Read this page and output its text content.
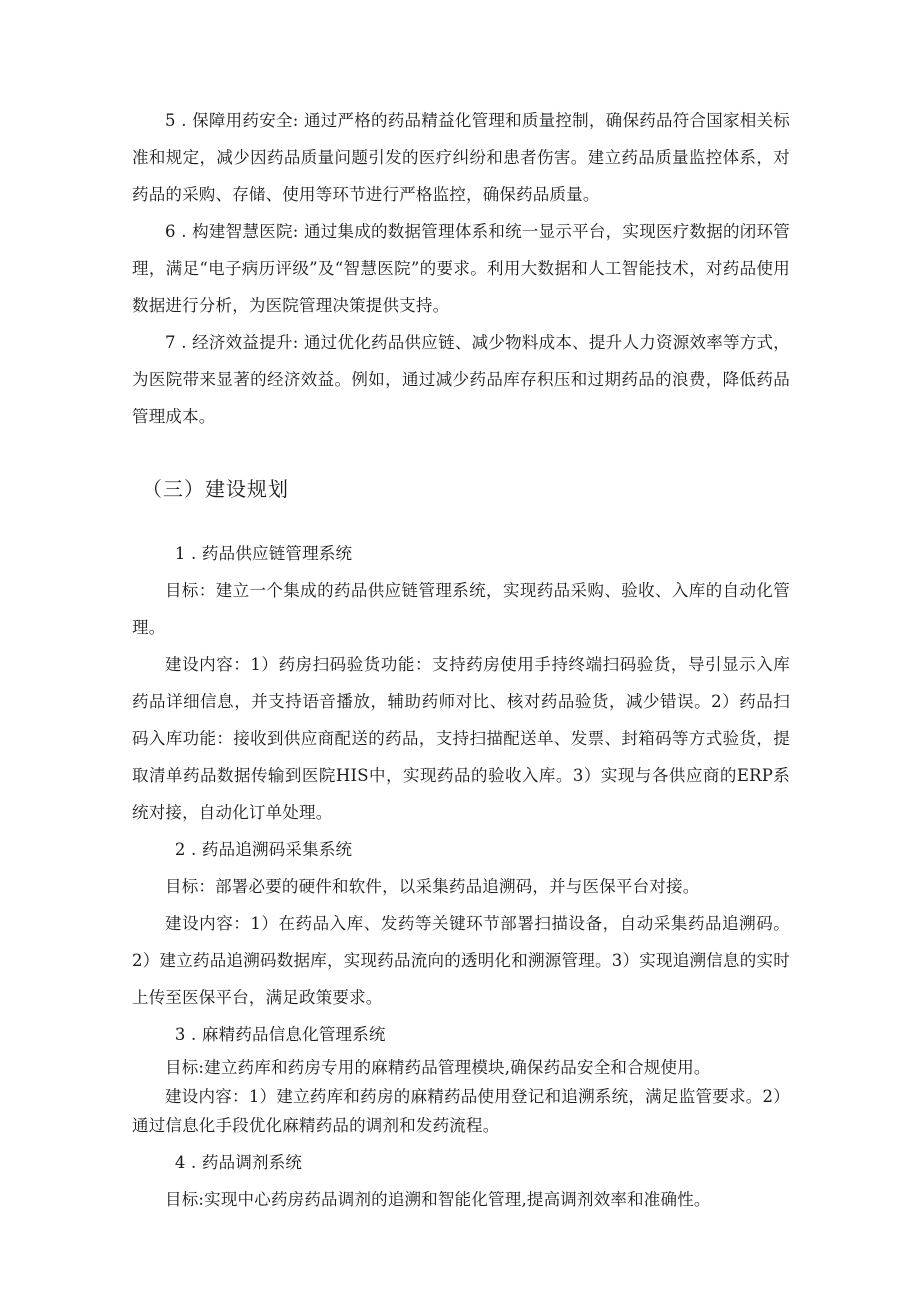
5 . 保障用药安全: 通过严格的药品精益化管理和质量控制，确保药品符合国家相关标准和规定，减少因药品质量问题引发的医疗纠纷和患者伤害。建立药品质量监控体系，对药品的采购、存储、使用等环节进行严格监控，确保药品质量。

6 . 构建智慧医院: 通过集成的数据管理体系和统一显示平台，实现医疗数据的闭环管理，满足“电子病历评级”及“智慧医院”的要求。利用大数据和人工智能技术，对药品使用数据进行分析，为医院管理决策提供支持。

7 . 经济效益提升: 通过优化药品供应链、减少物料成本、提升人力资源效率等方式，为医院带来显著的经济效益。例如，通过减少药品库存积压和过期药品的浪费，降低药品管理成本。

（三）建设规划

1 . 药品供应链管理系统

目标：建立一个集成的药品供应链管理系统，实现药品采购、验收、入库的自动化管理。

建设内容：1）药房扫码验货功能：支持药房使用手持终端扫码验货，导引显示入库药品详细信息，并支持语音播放，辅助药师对比、核对药品验货，减少错误。2）药品扫码入库功能：接收到供应商配送的药品，支持扫描配送单、发票、封箱码等方式验货，提取清单药品数据传输到医院HIS中，实现药品的验收入库。3）实现与各供应商的ERP系统对接，自动化订单处理。

2 . 药品追溯码采集系统

目标：部署必要的硬件和软件，以采集药品追溯码，并与医保平台对接。

建设内容：1）在药品入库、发药等关键环节部署扫描设备，自动采集药品追溯码。2）建立药品追溯码数据库，实现药品流向的透明化和溯源管理。3）实现追溯信息的实时上传至医保平台，满足政策要求。

3 . 麻精药品信息化管理系统

目标:建立药库和药房专用的麻精药品管理模块,确保药品安全和合规使用。

建设内容：1）建立药库和药房的麻精药品使用登记和追溯系统，满足监管要求。2）通过信息化手段优化麻精药品的调剂和发药流程。

4 . 药品调剂系统

目标:实现中心药房药品调剂的追溯和智能化管理,提高调剂效率和准确性。
